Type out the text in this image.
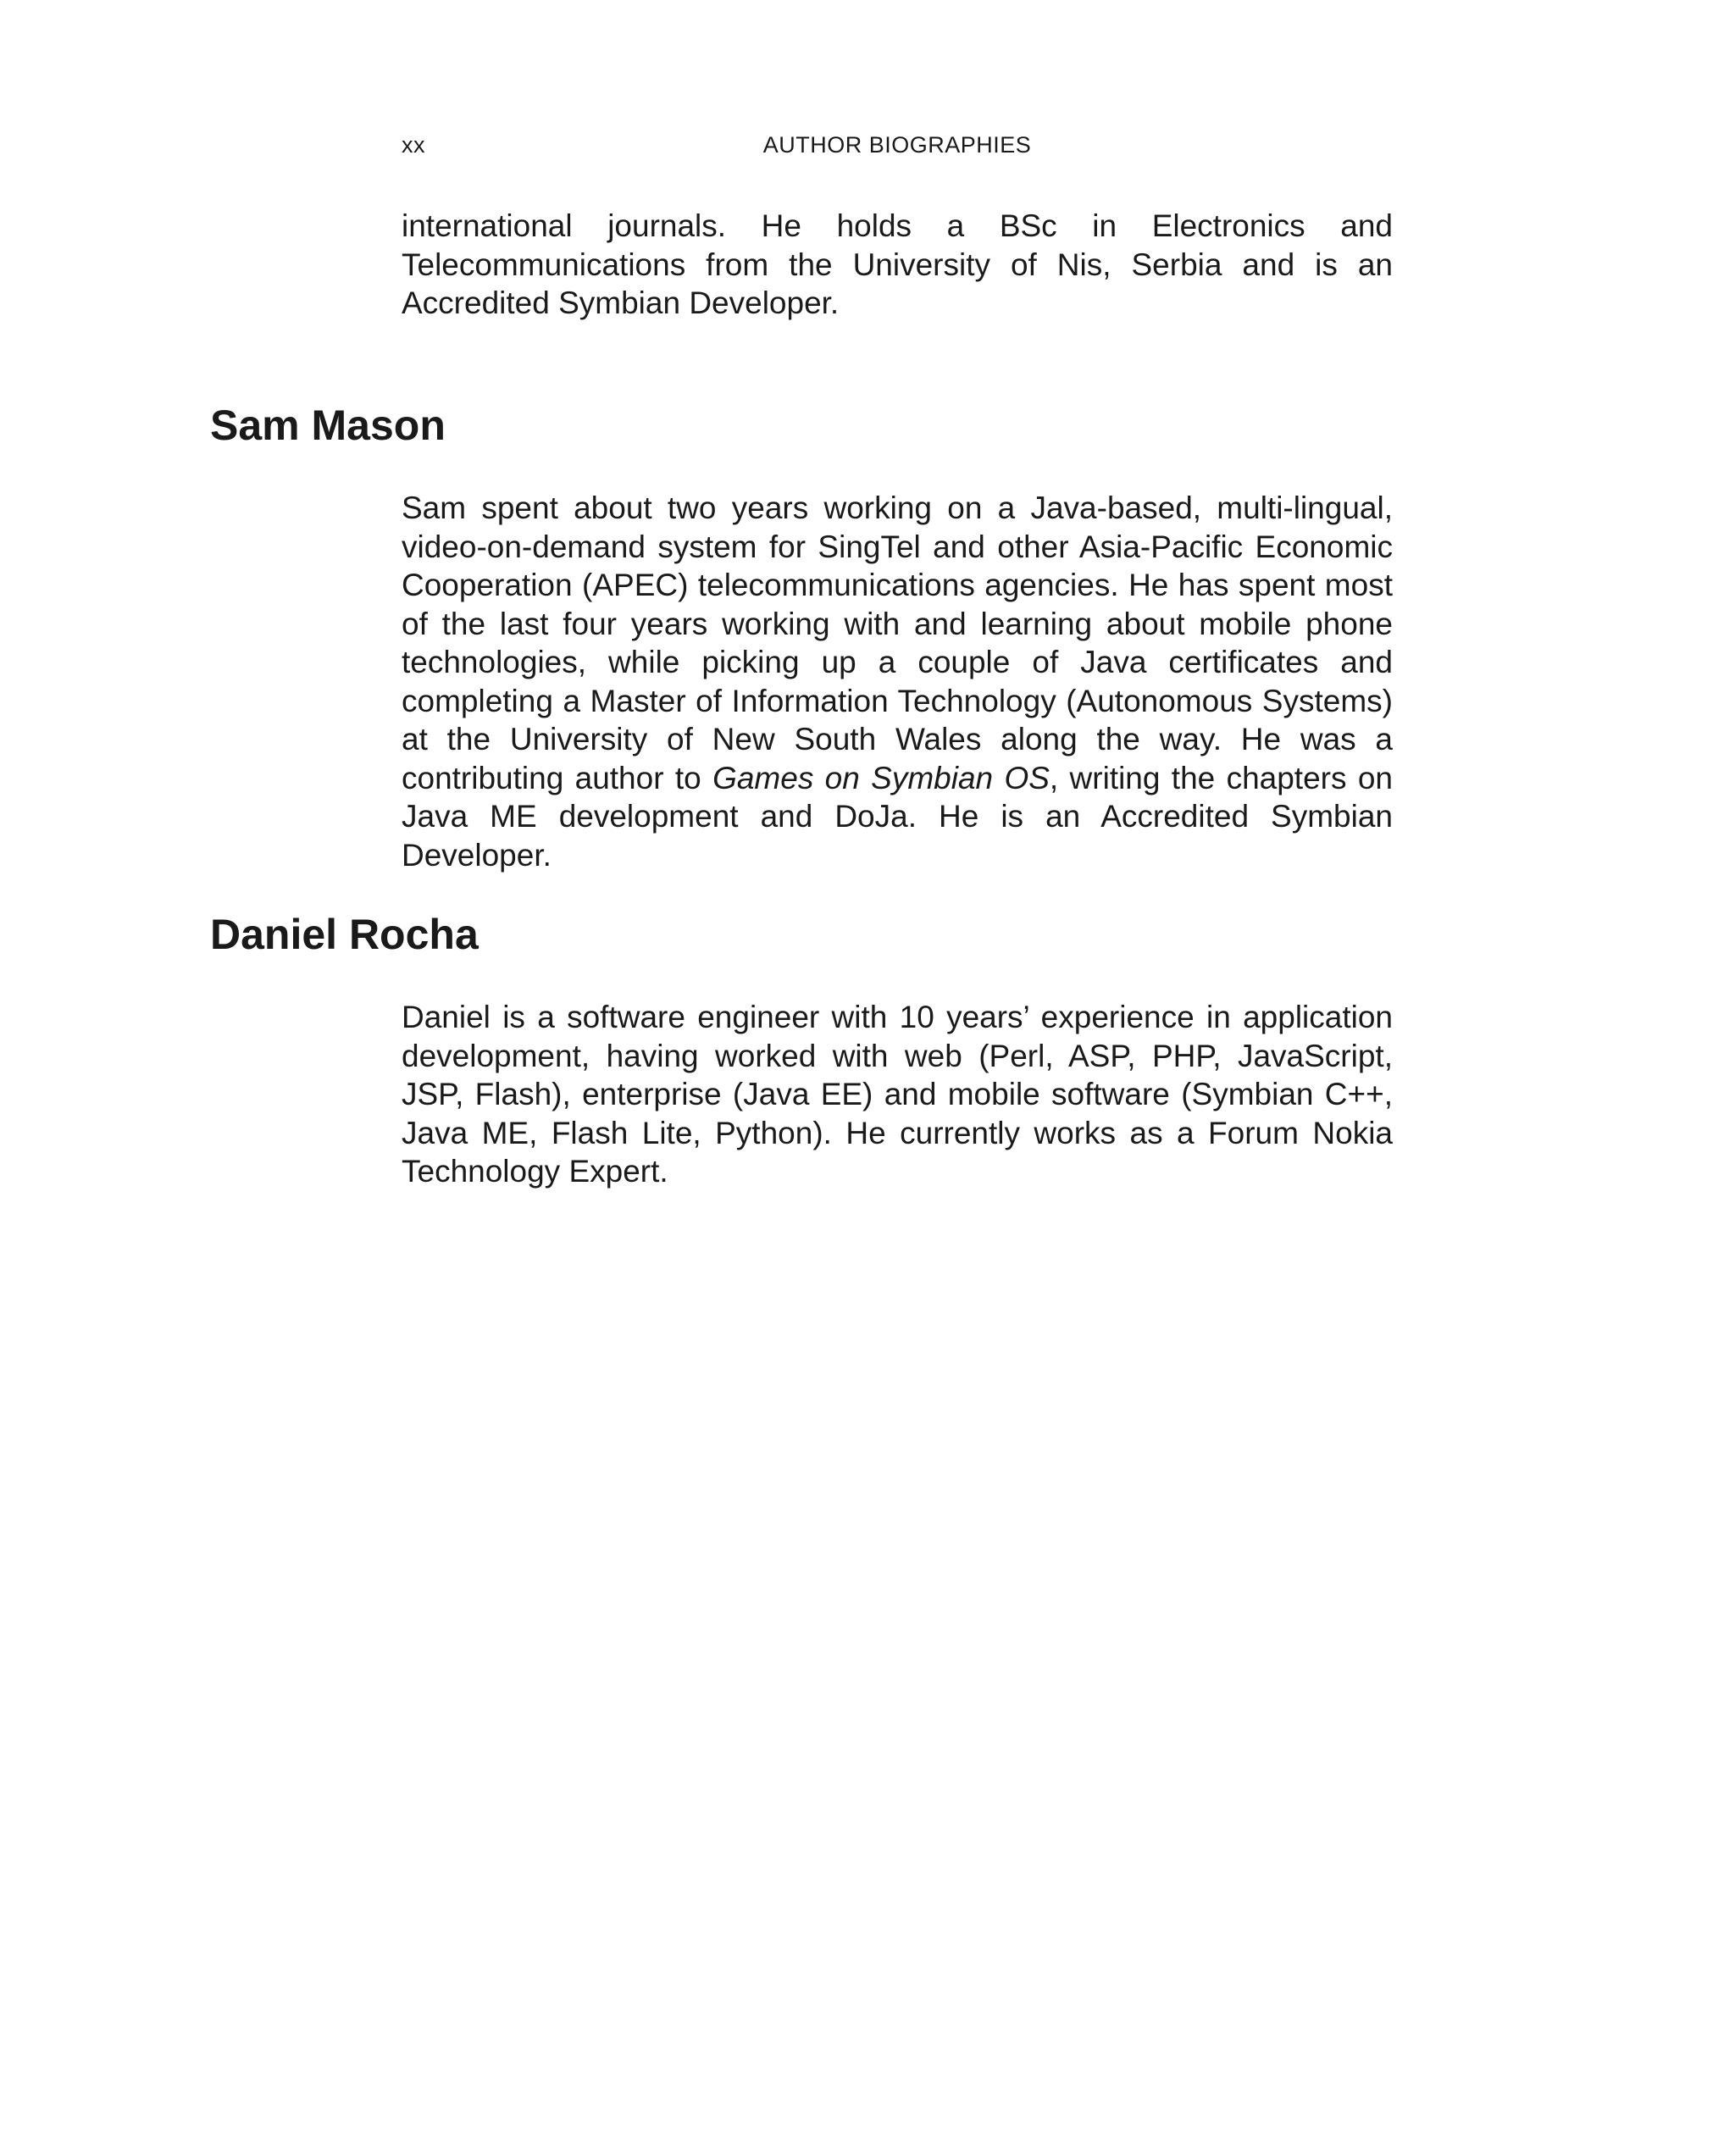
xx	AUTHOR BIOGRAPHIES

international journals. He holds a BSc in Electronics and Telecommunications from the University of Nis, Serbia and is an Accredited Symbian Developer.

Sam Mason

Sam spent about two years working on a Java-based, multi-lingual, video-on-demand system for SingTel and other Asia-Pacific Economic Cooperation (APEC) telecommunications agencies. He has spent most of the last four years working with and learning about mobile phone technologies, while picking up a couple of Java certificates and completing a Master of Information Technology (Autonomous Systems) at the University of New South Wales along the way. He was a contributing author to Games on Symbian OS, writing the chapters on Java ME development and DoJa. He is an Accredited Symbian Developer.

Daniel Rocha

Daniel is a software engineer with 10 years’ experience in application development, having worked with web (Perl, ASP, PHP, JavaScript, JSP, Flash), enterprise (Java EE) and mobile software (Symbian C++, Java ME, Flash Lite, Python). He currently works as a Forum Nokia Technology Expert.
